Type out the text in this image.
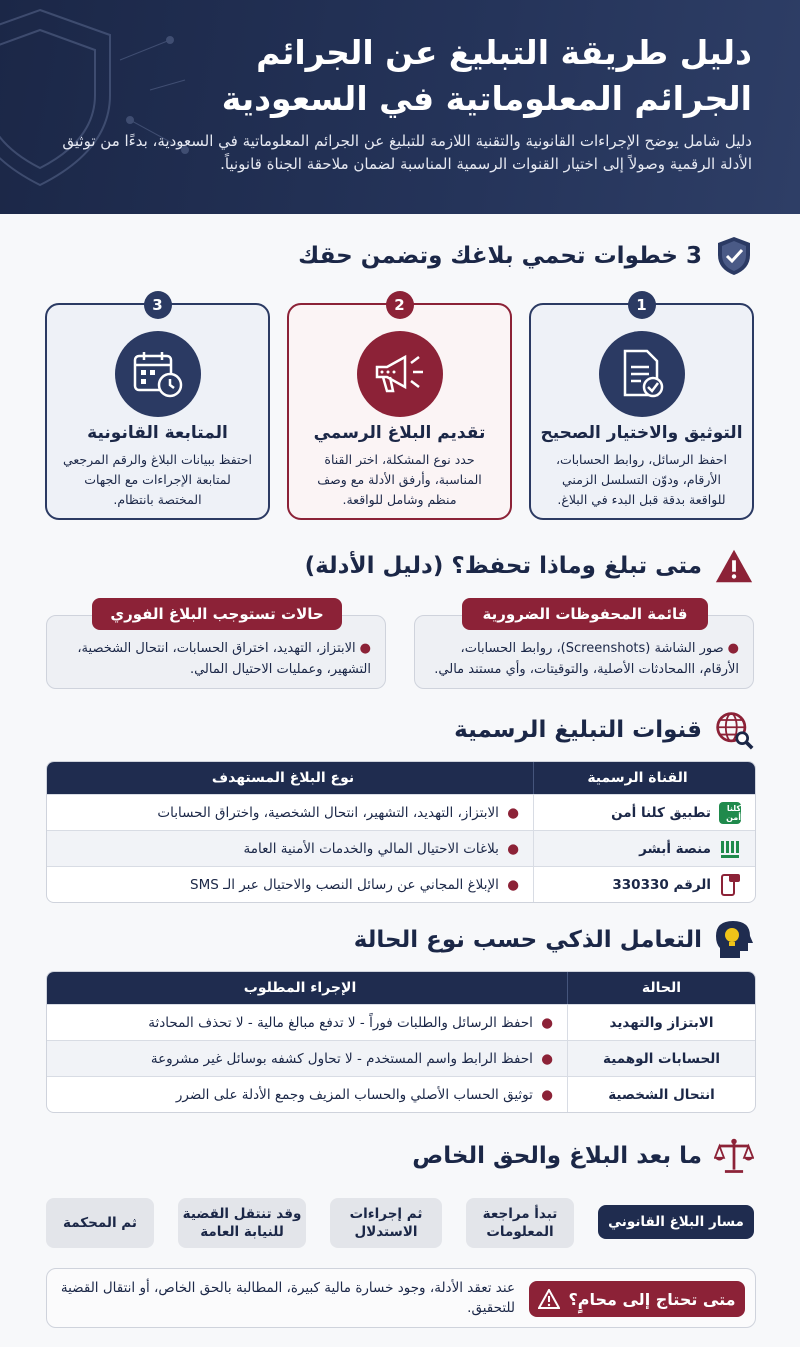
دليل طريقة التبليغ عن الجرائم الجرائم المعلوماتية في السعودية

دليل شامل يوضح الإجراءات القانونية والتقنية اللازمة للتبليغ عن الجرائم المعلوماتية في السعودية، بدءًا من توثيق الأدلة الرقمية وصولاً إلى اختيار القنوات الرسمية المناسبة لضمان ملاحقة الجناة قانونياً.

3 خطوات تحمي بلاغك وتضمن حقك
1
التوثيق والاختيار الصحيح

احفظ الرسائل، روابط الحسابات، الأرقام، ودوّن التسلسل الزمني للواقعة بدقة قبل البدء في البلاغ.

2
تقديم البلاغ الرسمي

حدد نوع المشكلة، اختر القناة المناسبة، وأرفق الأدلة مع وصف منظم وشامل للواقعة.

3
المتابعة القانونية

احتفظ ببيانات البلاغ والرقم المرجعي لمتابعة الإجراءات مع الجهات المختصة بانتظام.

متى تبلغ وماذا تحفظ؟ (دليل الأدلة)

●صور الشاشة (Screenshots)، روابط الحسابات، الأرقام، االمحادثات الأصلية، والتوقيتات، وأي مستند مالي.

قائمة المحفوظات الضرورية

●الابتزاز، التهديد، اختراق الحسابات، انتحال الشخصية، التشهير، وعمليات الاحتيال المالي.

حالات تستوجب البلاغ الفوري
قنوات التبليغ الرسمية
القناة الرسمية
نوع البلاغ المستهدف
كلنا أمن
تطبيق كلنا أمن
●

الابتزاز، التهديد، التشهير، انتحال الشخصية، واختراق الحسابات
منصة أبشر
●

بلاغات الاحتيال المالي والخدمات الأمنية العامة
الرقم 330330
●

الإبلاغ المجاني عن رسائل النصب والاحتيال عبر الـ SMS
التعامل الذكي حسب نوع الحالة
الحالة
الإجراء المطلوب
الابتزاز والتهديد
●

احفظ الرسائل والطلبات فوراً - لا تدفع مبالغ مالية - لا تحذف المحادثة
الحسابات الوهمية
●

احفظ الرابط واسم المستخدم - لا تحاول كشفه بوسائل غير مشروعة
انتحال الشخصية
●

توثيق الحساب الأصلي والحساب المزيف وجمع الأدلة على الضرر
ما بعد البلاغ والحق الخاص
مسار البلاغ القانوني
تبدأ مراجعة المعلومات
ثم إجراءات الاستدلال
وقد تنتقل القضية للنيابة العامة
ثم المحكمة
متى تحتاج إلى محامٍ؟

عند تعقد الأدلة، وجود خسارة مالية كبيرة، المطالبة بالحق الخاص، أو انتقال القضية للتحقيق.
